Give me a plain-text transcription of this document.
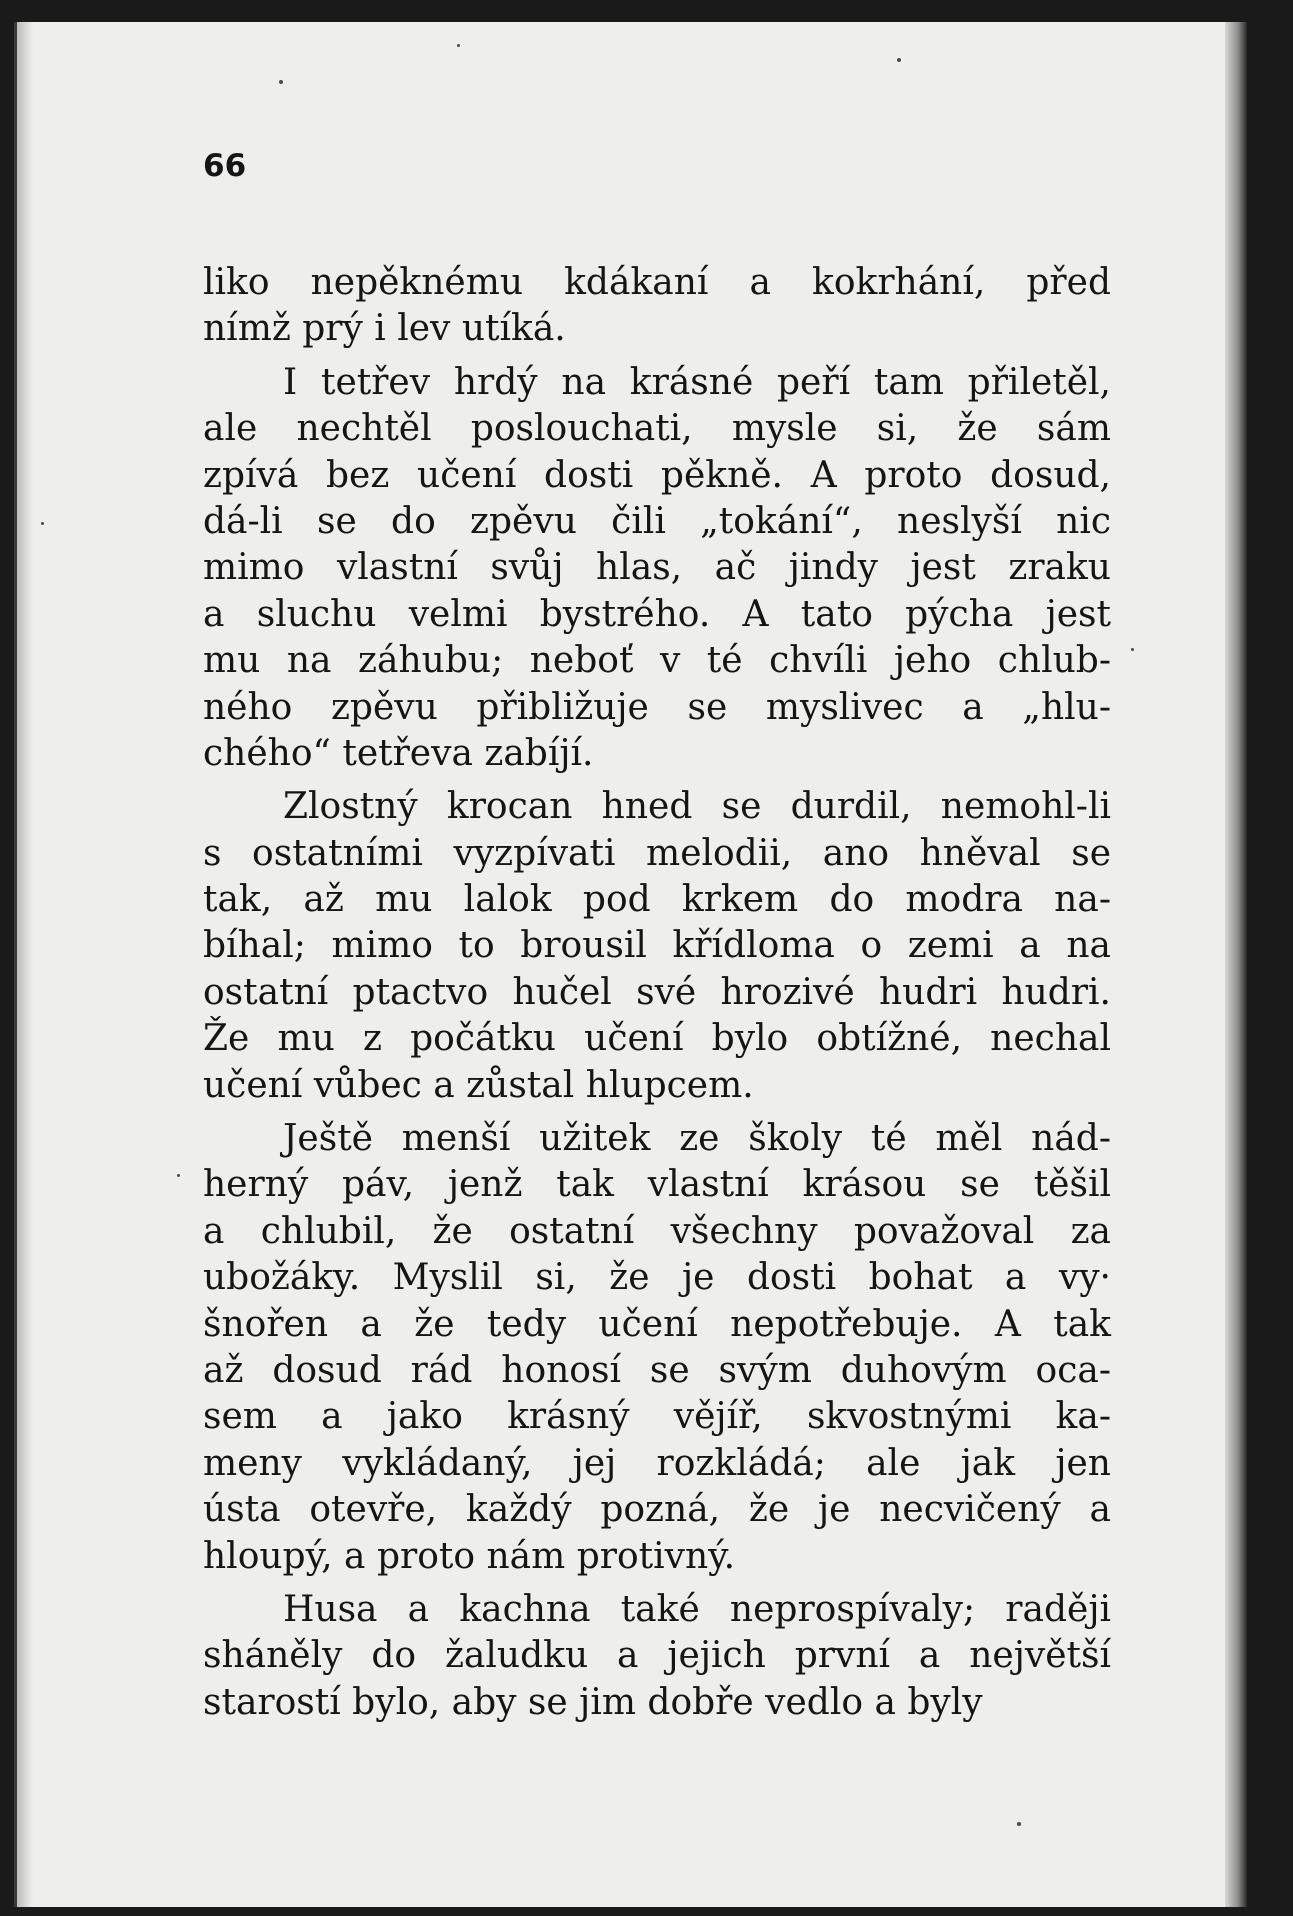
66

liko nepěknému kdákaní a kokrhání, před
nímž prý i lev utíká.
I tetřev hrdý na krásné peří tam přiletěl,
ale nechtěl poslouchati, mysle si, že sám
zpívá bez učení dosti pěkně. A proto dosud,
dá-li se do zpěvu čili „tokání“, neslyší nic
mimo vlastní svůj hlas, ač jindy jest zraku
a sluchu velmi bystrého. A tato pýcha jest
mu na záhubu; neboť v té chvíli jeho chlub-
ného zpěvu přibližuje se myslivec a „hlu-
chého“ tetřeva zabíjí.
Zlostný krocan hned se durdil, nemohl-li
s ostatními vyzpívati melodii, ano hněval se
tak, až mu lalok pod krkem do modra na-
bíhal; mimo to brousil křídloma o zemi a na
ostatní ptactvo hučel své hrozivé hudri hudri.
Že mu z počátku učení bylo obtížné, nechal
učení vůbec a zůstal hlupcem.
Ještě menší užitek ze školy té měl nád-
herný páv, jenž tak vlastní krásou se těšil
a chlubil, že ostatní všechny považoval za
ubožáky. Myslil si, že je dosti bohat a vy·
šnořen a že tedy učení nepotřebuje. A tak
až dosud rád honosí se svým duhovým oca-
sem a jako krásný vějíř, skvostnými ka-
meny vykládaný, jej rozkládá; ale jak jen
ústa otevře, každý pozná, že je necvičený a
hloupý, a proto nám protivný.
Husa a kachna také neprospívaly; raději
sháněly do žaludku a jejich první a největší
starostí bylo, aby se jim dobře vedlo a byly
